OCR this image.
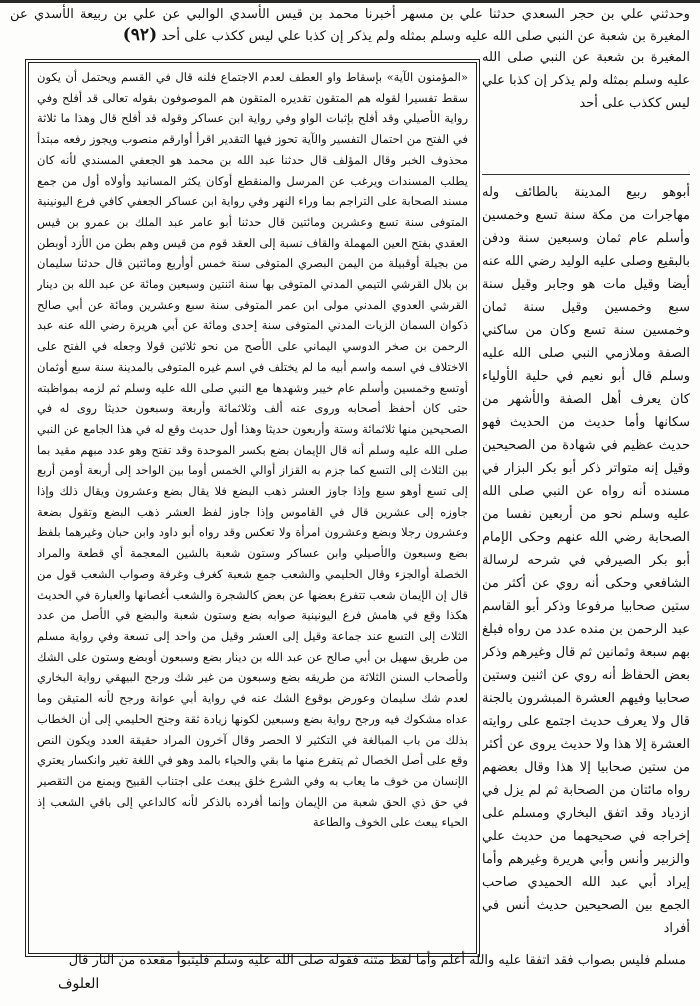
وحدثني علي بن حجر السعدي حدثنا علي بن مسهر أخبرنا محمد بن قيس الأسدي الوالبي عن علي بن ربيعة الأسدي عن المغيرة بن شعبة عن النبي صلى الله عليه وسلم بمثله ولم يذكر إن كذبا علي ليس ككذب على أحد (٩٢)

المغيرة بن شعبة عن النبي صلى الله عليه وسلم بمثله ولم يذكر إن كذبا علي ليس ككذب على أحد

أبوهو ربيع المدينة بالطائف وله مهاجرات من مكة سنة تسع وخمسين وأسلم عام ثمان وسبعين سنة ودفن بالبقيع وصلى عليه الوليد رضي الله عنه أيضا وقيل مات هو وجابر وقيل سنة سبع وخمسين وقيل سنة ثمان وخمسين سنة تسع وكان من ساكني الصفة وملازمي النبي صلى الله عليه وسلم قال أبو نعيم في حلية الأولياء كان يعرف أهل الصفة والأشهر من سكانها وأما حديث من الحديث فهو حديث عظيم في شهادة من الصحيحين وقيل إنه متواتر ذكر أبو بكر البزار في مسنده أنه رواه عن النبي صلى الله عليه وسلم نحو من أربعين نفسا من الصحابة رضي الله عنهم وحكى الإمام أبو بكر الصيرفي في شرحه لرسالة الشافعي وحكى أنه روي عن أكثر من ستين صحابيا مرفوعا وذكر أبو القاسم عبد الرحمن بن منده عدد من رواه فبلغ بهم سبعة وثمانين ثم قال وغيرهم وذكر بعض الحفاظ أنه روي عن اثنين وستين صحابيا وفيهم العشرة المبشرون بالجنة قال ولا يعرف حديث اجتمع على روايته العشرة إلا هذا ولا حديث يروى عن أكثر من ستين صحابيا إلا هذا وقال بعضهم رواه مائتان من الصحابة ثم لم يزل في ازدياد وقد اتفق البخاري ومسلم على إخراجه في صحيحهما من حديث علي والزبير وأنس وأبي هريرة وغيرهم وأما إيراد أبي عبد الله الحميدي صاحب الجمع بين الصحيحين حديث أنس في أفراد

«المؤمنون الآية» بإسقاط واو العطف لعدم الاجتماع فلنه قال في القسم ويحتمل أن يكون سقط تفسيرا لقوله هم المتقون تقديره المتقون هم الموصوفون بقوله تعالى قد أفلح وفي رواية الأصيلي وقد أفلح بإثبات الواو وفي رواية ابن عساكر وقوله قد أفلح قال وهذا ما ثلاثة في الفتح من احتمال التفسير والآية تحوز فيها التقدير اقرأ أوارقم منصوب ويجوز رفعه مبتدأ محذوف الخبر وقال المؤلف قال حدثنا عبد الله بن محمد هو الجعفي المسندي لأنه كان يطلب المسندات ويرغب عن المرسل والمنقطع أوكان يكثر المسانيد وأولاه أول من جمع مسند الصحابة على التراجم بما وراء النهر وفي رواية ابن عساكر الجعفي كافي فرع اليونينية المتوفى سنة تسع وعشرين ومائتين قال حدثنا أبو عامر عبد الملك بن عمرو بن قيس العقدي بفتح العين المهملة والقاف نسبة إلى العقد قوم من قيس وهم بطن من الأزد أوبطن من بجيلة أوقبيلة من اليمن البصري المتوفى سنة خمس أوأربع ومائتين قال حدثنا سليمان بن بلال القرشي التيمي المدني المتوفى بها سنة اثنتين وسبعين ومائة عن عبد الله بن دينار القرشي العدوي المدني مولى ابن عمر المتوفى سنة سبع وعشرين ومائة عن أبي صالح ذكوان السمان الزيات المدني المتوفى سنة إحدى ومائة عن أبي هريرة رضي الله عنه عبد الرحمن بن صخر الدوسي اليماني على الأصح من نحو ثلاثين قولا وجعله في الفتح على الاختلاف في اسمه واسم أبيه ما لم يختلف في اسم غيره المتوفى بالمدينة سنة سبع أوثمان أوتسع وخمسين وأسلم عام خيبر وشهدها مع النبي صلى الله عليه وسلم ثم لزمه بمواظبته حتى كان أحفظ أصحابه وروى عنه ألف وثلاثمائة وأربعة وسبعون حديثا روى له في الصحيحين منها ثلاثمائة وستة وأربعون حديثا وهذا أول حديث وقع له في هذا الجامع عن النبي صلى الله عليه وسلم أنه قال الإيمان بضع بكسر الموحدة وقد تفتح وهو عدد مبهم مقيد بما بين الثلاث إلى التسع كما جزم به القزاز أوالي الخمس أوما بين الواحد إلى أربعة أومن أربع إلى تسع أوهو سبع وإذا جاوز العشر ذهب البضع فلا يقال بضع وعشرون ويقال ذلك وإذا جاوزه إلى عشرين قال في القاموس وإذا جاوز لفظ العشر ذهب البضع وتقول بضعة وعشرون رجلا وبضع وعشرون امرأة ولا تعكس وقد رواه أبو داود وابن حبان وغيرهما بلفظ بضع وسبعون والأصيلي وابن عساكر وستون شعبة بالشين المعجمة أي قطعة والمراد الخصلة أوالجزء وقال الحليمي والشعب جمع شعبة كغرف وغرفة وصواب الشعب قول من قال إن الإيمان شعب تتفرع بعضها عن بعض كالشجرة والشعب أغصانها والعبارة في الحديث هكذا وقع في هامش فرع اليونينية صوابه بضع وستون شعبة والبضع في الأصل من عدد الثلاث إلى التسع عند جماعة وقيل إلى العشر وقيل من واحد إلى تسعة وفي رواية مسلم من طريق سهيل بن أبي صالح عن عبد الله بن دينار بضع وسبعون أوبضع وستون على الشك ولأصحاب السنن الثلاثة من طريقه بضع وسبعون من غير شك ورجح البيهقي رواية البخاري لعدم شك سليمان وعورض بوقوع الشك عنه في رواية أبي عوانة ورجح لأنه المتيقن وما عداه مشكوك فيه ورجح رواية بضع وسبعين لكونها زيادة ثقة وجنح الحليمي إلى أن الخطاب بذلك من باب المبالغة في التكثير لا الحصر وقال آخرون المراد حقيقة العدد ويكون النص وقع على أصل الخصال ثم يتفرع منها ما بقي والحياء بالمد وهو في اللغة تغير وانكسار يعتري الإنسان من خوف ما يعاب به وفي الشرع خلق يبعث على اجتناب القبيح ويمنع من التقصير في حق ذي الحق شعبة من الإيمان وإنما أفرده بالذكر لأنه كالداعي إلى باقي الشعب إذ الحياء يبعث على الخوف والطاعة
مسلم فليس بصواب فقد اتفقا عليه والله أعلم وأما لفظ متنه فقوله صلى الله عليه وسلم فليتبوأ مقعده من النار قال
العلوف
